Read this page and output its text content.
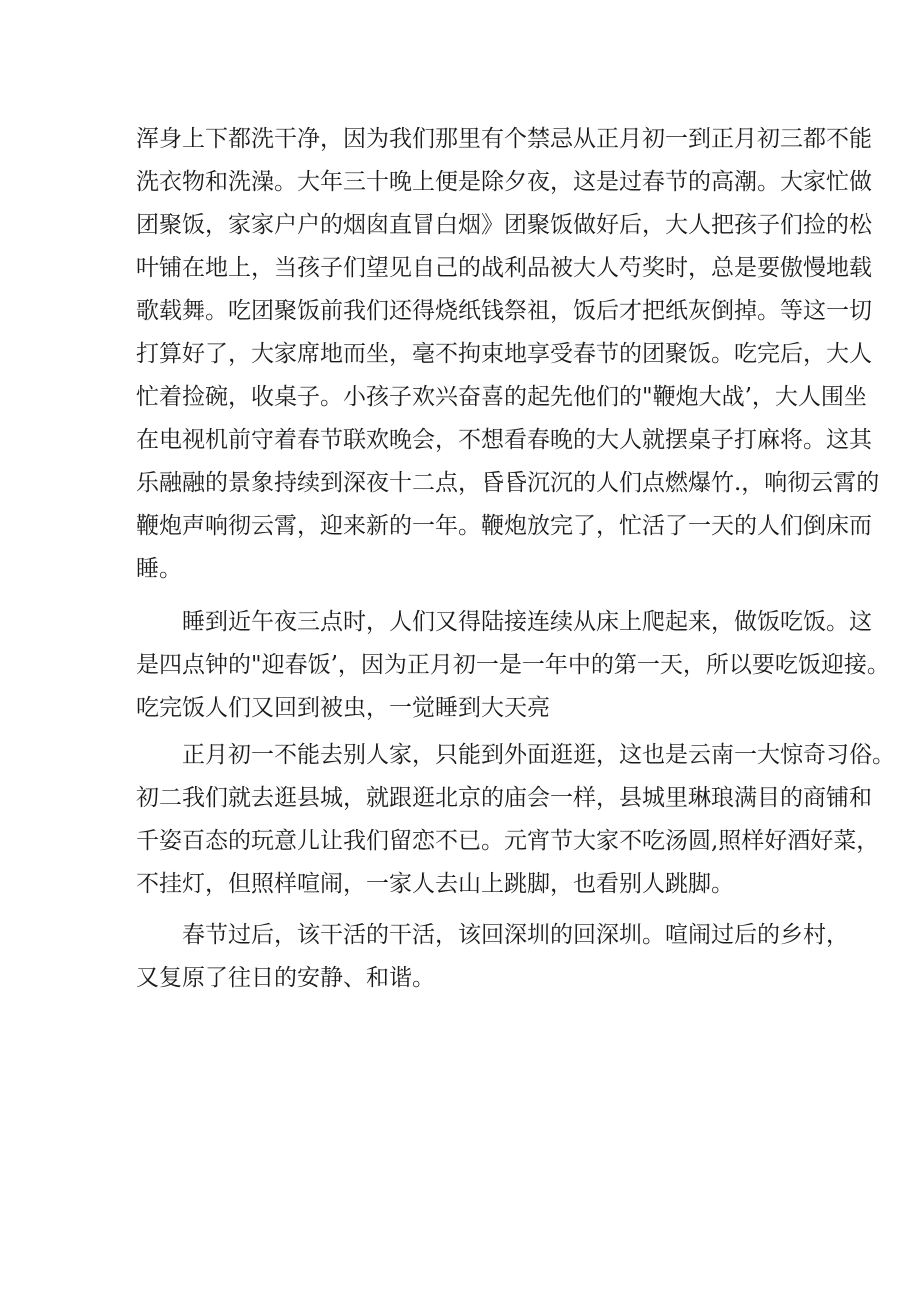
浑身上下都洗干净，因为我们那里有个禁忌从正月初一到正月初三都不能
洗衣物和洗澡。大年三十晚上便是除夕夜，这是过春节的高潮。大家忙做
团聚饭，家家户户的烟囱直冒白烟》团聚饭做好后，大人把孩子们捡的松
叶铺在地上，当孩子们望见自己的战利品被大人芍奖时，总是要傲慢地载
歌载舞。吃团聚饭前我们还得烧纸钱祭祖，饭后才把纸灰倒掉。等这一切
打算好了，大家席地而坐，毫不拘束地享受春节的团聚饭。吃完后，大人
忙着捡碗，收桌子。小孩子欢兴奋喜的起先他们的"鞭炮大战’，大人围坐
在电视机前守着春节联欢晚会，不想看春晚的大人就摆桌子打麻将。这其
乐融融的景象持续到深夜十二点，昏昏沉沉的人们点燃爆竹.，响彻云霄的
鞭炮声响彻云霄，迎来新的一年。鞭炮放完了，忙活了一天的人们倒床而
睡。
　　睡到近午夜三点时，人们又得陆接连续从床上爬起来，做饭吃饭。这
是四点钟的"迎春饭’，因为正月初一是一年中的第一天，所以要吃饭迎接。
吃完饭人们又回到被虫，一觉睡到大天亮
　　正月初一不能去别人家，只能到外面逛逛，这也是云南一大惊奇习俗。
初二我们就去逛县城，就跟逛北京的庙会一样，县城里琳琅满目的商铺和
千姿百态的玩意儿让我们留恋不已。元宵节大家不吃汤圆,照样好酒好菜，
不挂灯，但照样喧闹，一家人去山上跳脚，也看别人跳脚。
　　春节过后，该干活的干活，该回深圳的回深圳。喧闹过后的乡村，
又复原了往日的安静、和谐。
